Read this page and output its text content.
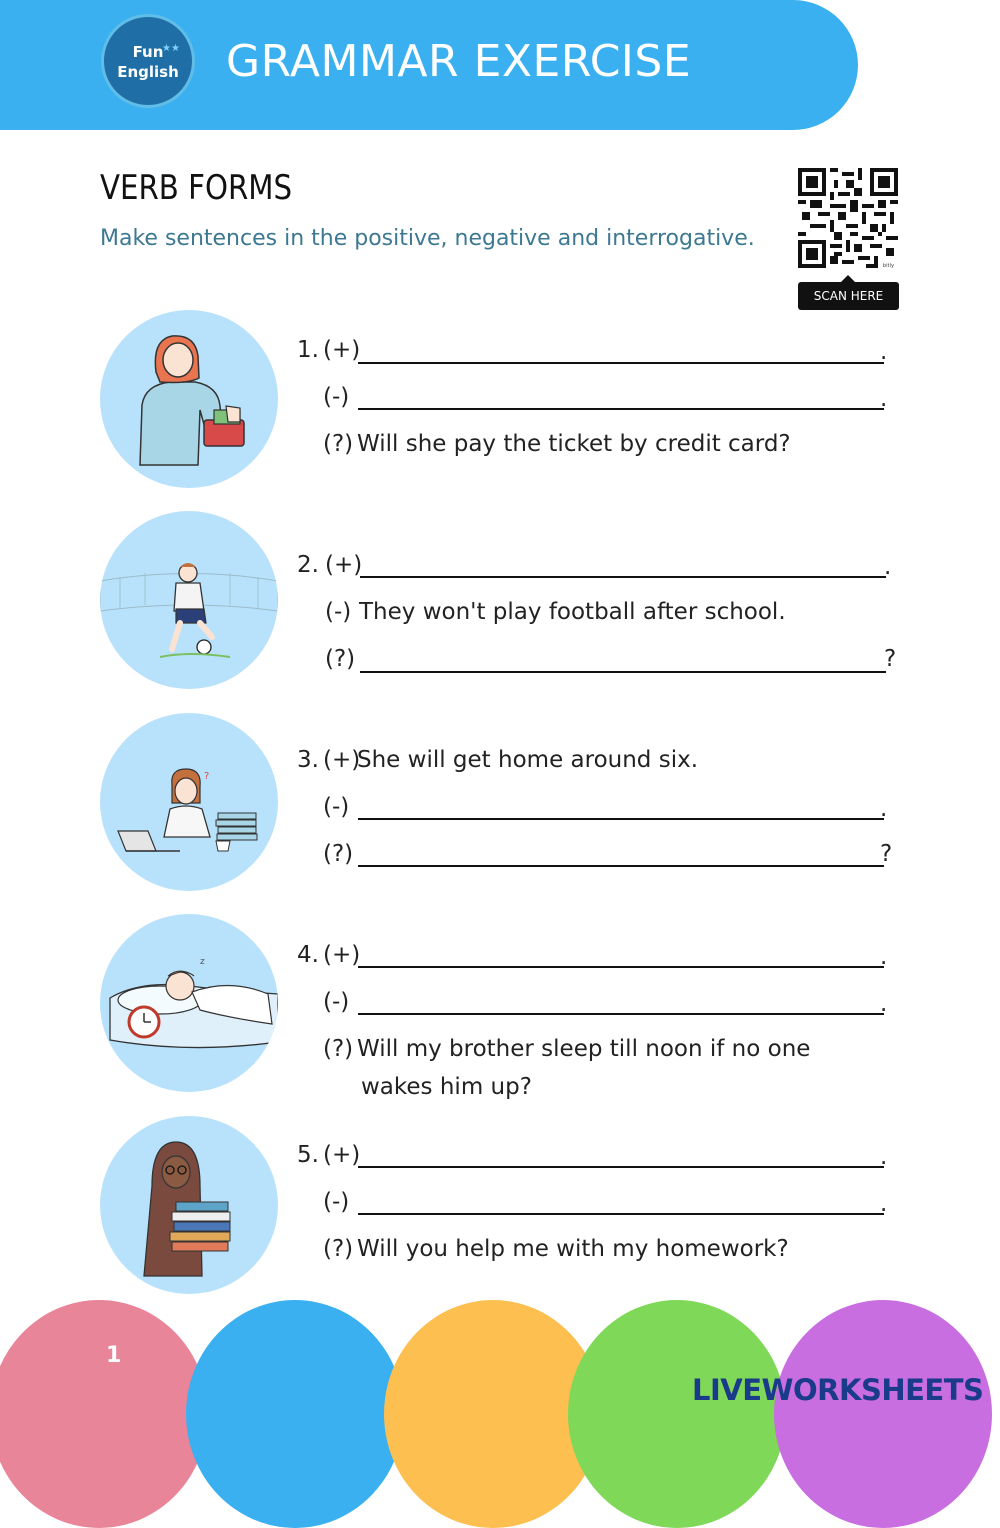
Fun
★★
English	GRAMMAR EXERCISE
VERB FORMS
Make sentences in the positive, negative and interrogative.
bitly
SCAN HERE
1. (+)	.
(-)	.
(?) Will she pay the ticket by credit card?
2. (+)	.
(-) They won't play football after school.
(?)	?
?
3. (+)
She will get home around six.
(-)	.
(?)	?
z	4. (+)	.
(-)	.
(?) Will my brother sleep till noon if no one
wakes him up?
5. (+)	.
(-)	.
(?) Will you help me with my homework?
1
LIVEWORKSHEETS
